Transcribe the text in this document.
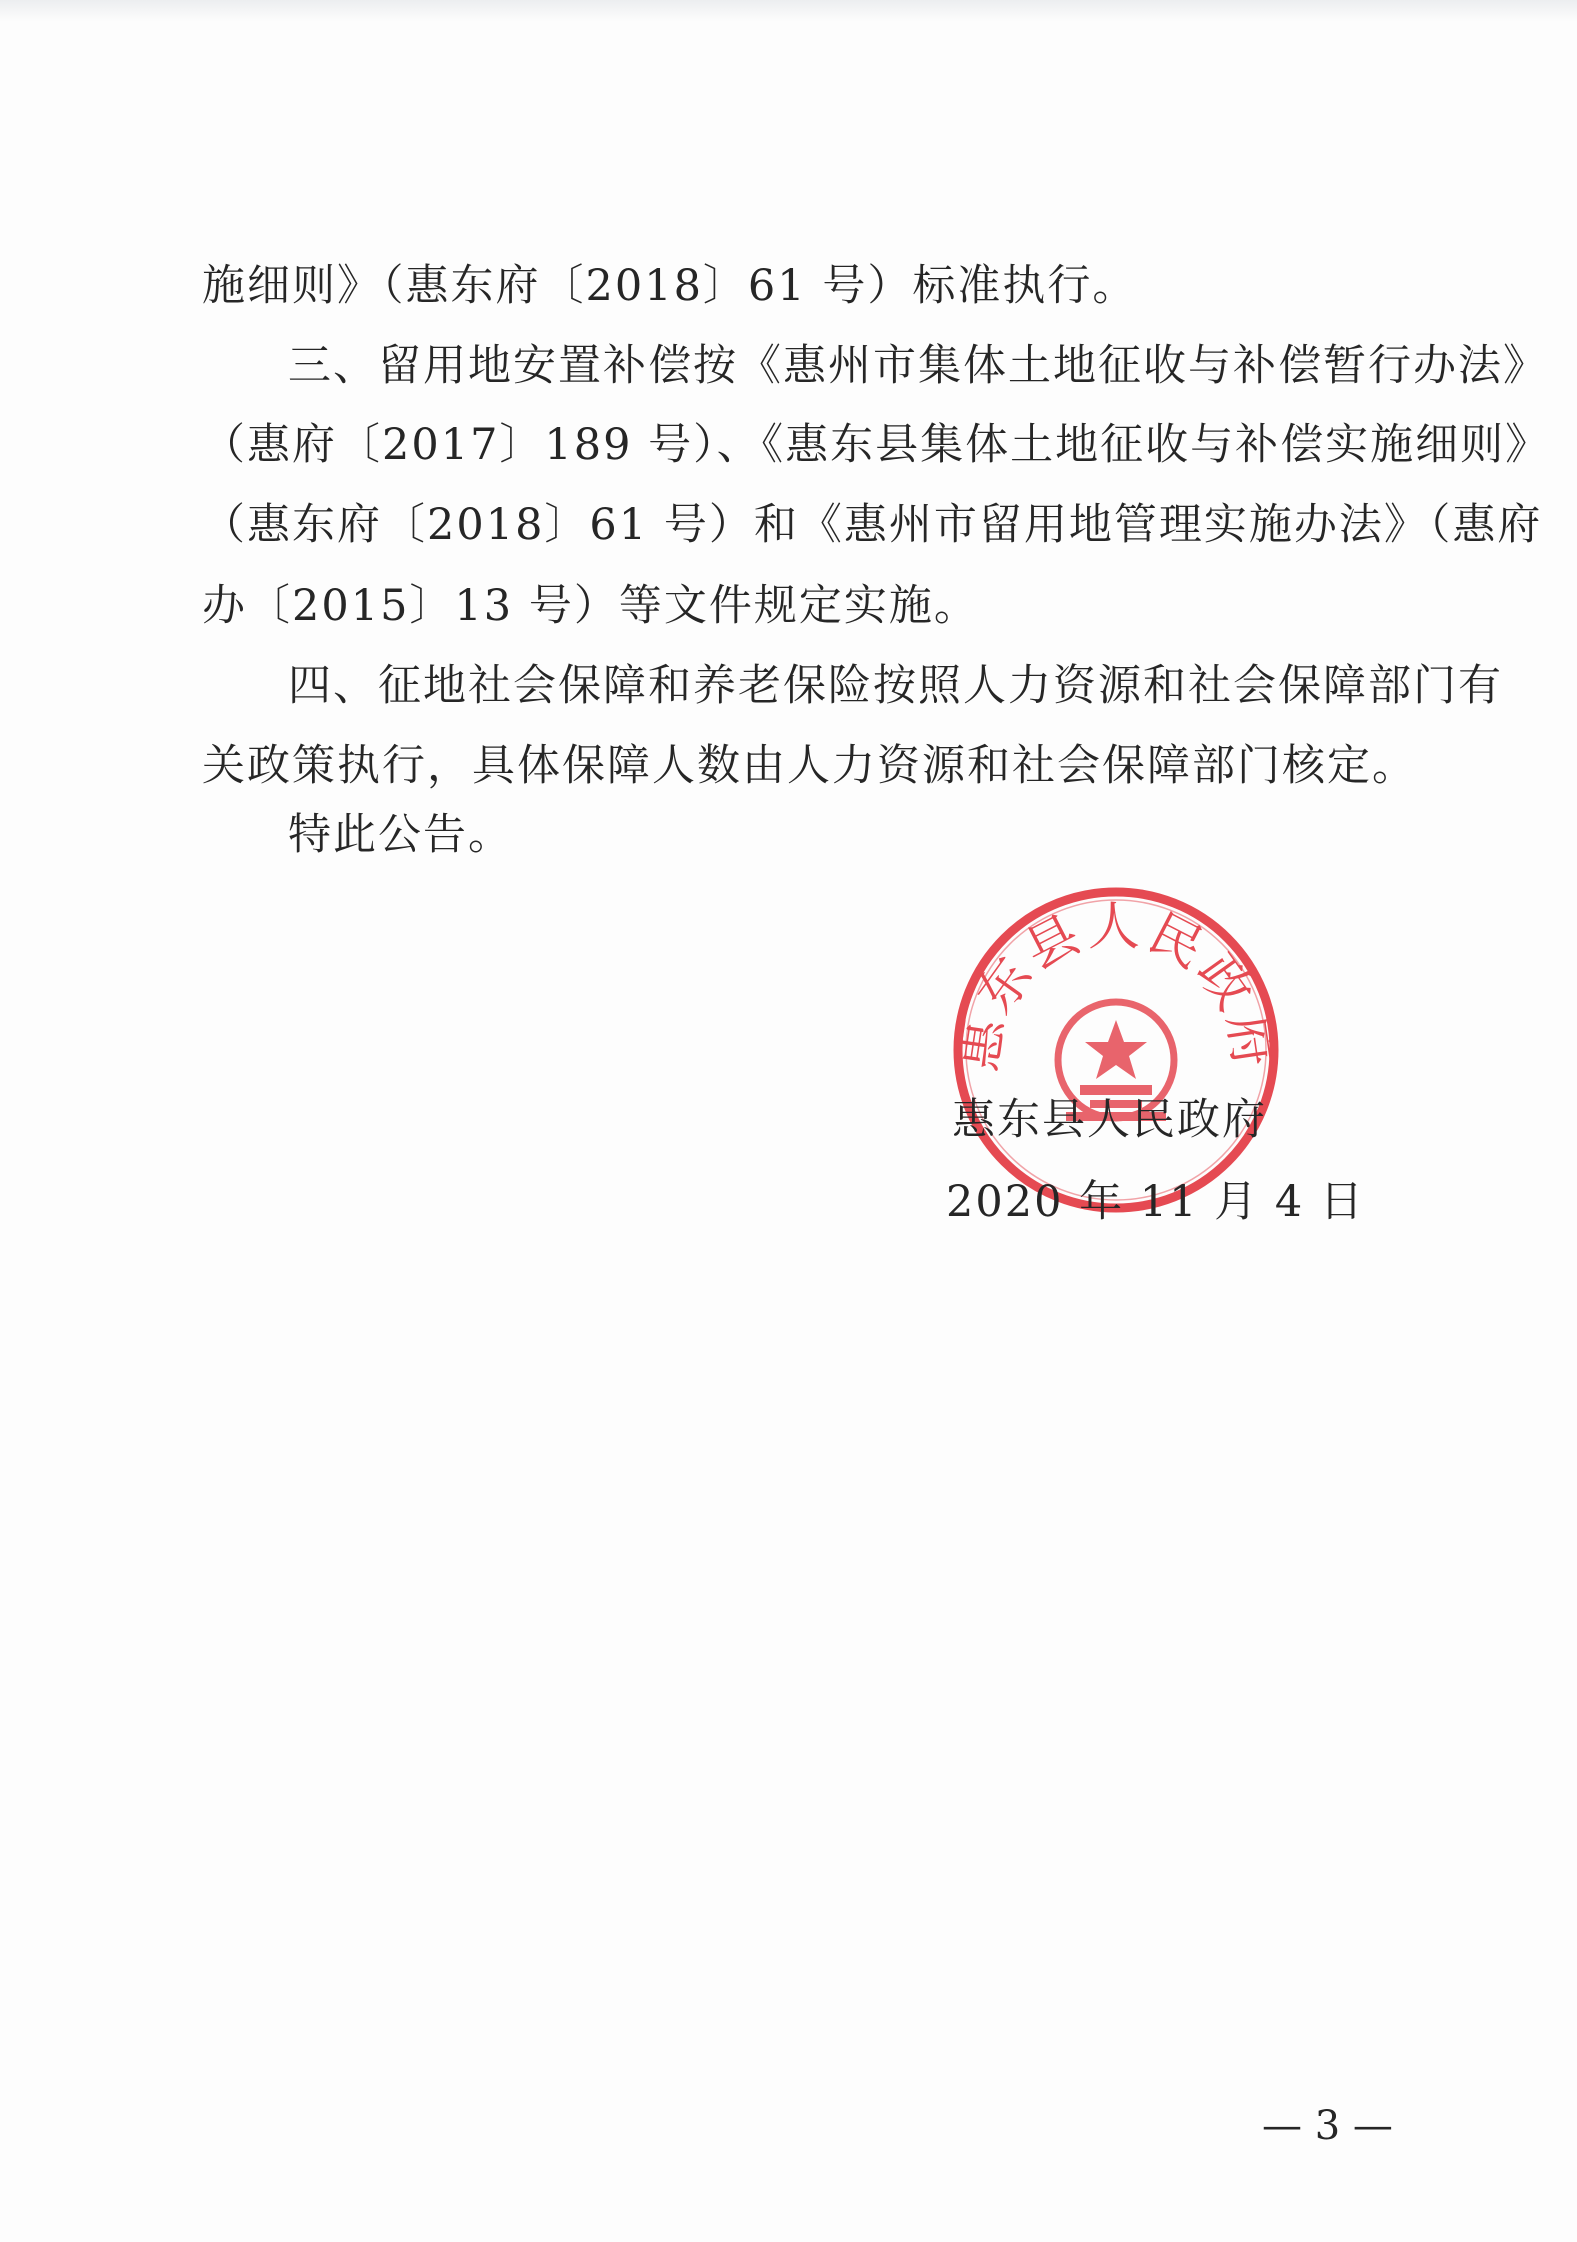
施细则》（惠东府〔2018〕61 号）标准执行。
三、留用地安置补偿按《惠州市集体土地征收与补偿暂行办法》
（惠府〔2017〕189 号）、《惠东县集体土地征收与补偿实施细则》
（惠东府〔2018〕61 号）和《惠州市留用地管理实施办法》（惠府
办〔2015〕13 号）等文件规定实施。
四、征地社会保障和养老保险按照人力资源和社会保障部门有
关政策执行，具体保障人数由人力资源和社会保障部门核定。
特此公告。
惠东县人民政府
惠东县人民政府
2020 年 11 月 4 日
— 3 —
